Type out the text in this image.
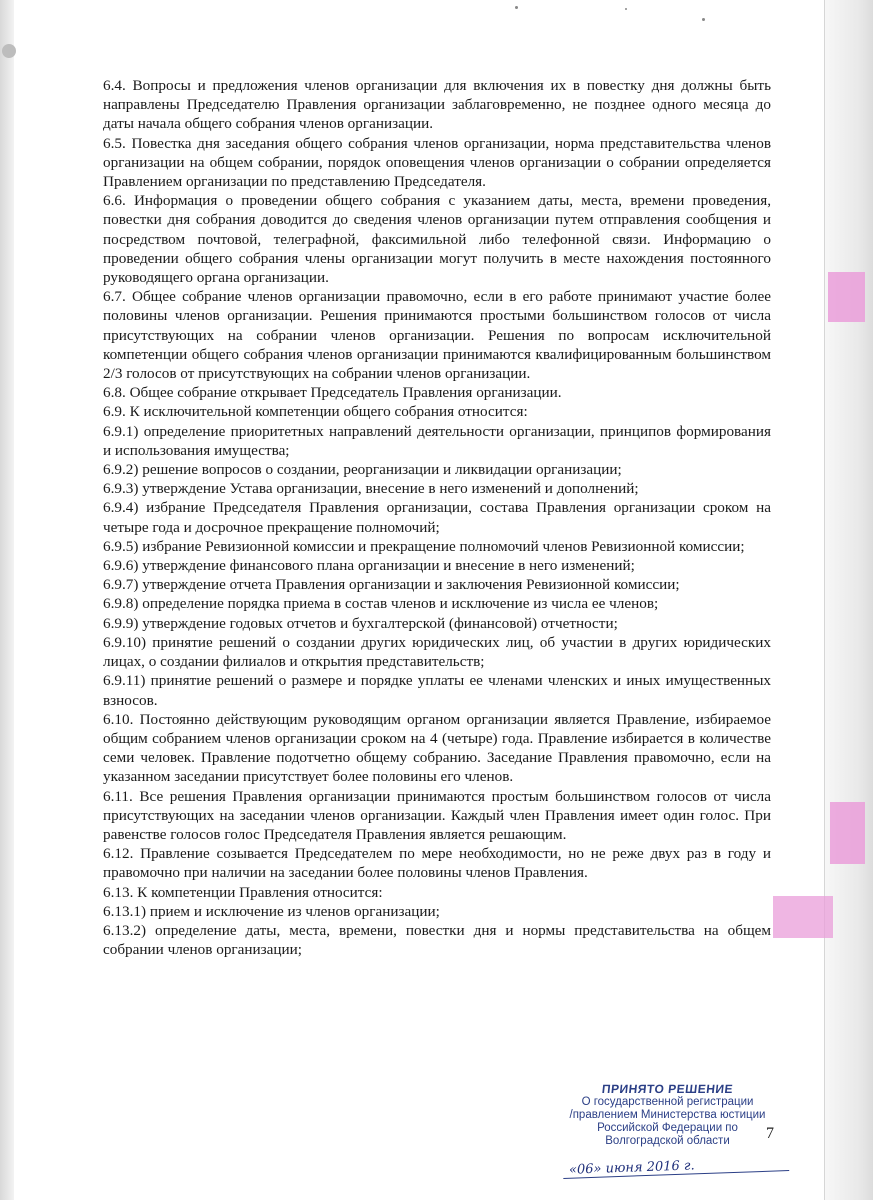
6.4. Вопросы и предложения членов организации для включения их в повестку дня должны быть направлены Председателю Правления организации заблаговременно, не позднее одного месяца до даты начала общего собрания членов организации.

6.5. Повестка дня заседания общего собрания членов организации, норма представительства членов организации на общем собрании, порядок оповещения членов организации о собрании определяется Правлением организации по представлению Председателя.

6.6. Информация о проведении общего собрания с указанием даты, места, времени проведения, повестки дня собрания доводится до сведения членов организации путем отправления сообщения и посредством почтовой, телеграфной, факсимильной либо телефонной связи. Информацию о проведении общего собрания члены организации могут получить в месте нахождения постоянного руководящего органа организации.

6.7. Общее собрание членов организации правомочно, если в его работе принимают участие более половины членов организации. Решения принимаются простыми большинством голосов от числа присутствующих на собрании членов организации. Решения по вопросам исключительной компетенции общего собрания членов организации принимаются квалифицированным большинством 2/3 голосов от присутствующих на собрании членов организации.

6.8. Общее собрание открывает Председатель Правления организации.

6.9. К исключительной компетенции общего собрания относится:

6.9.1) определение приоритетных направлений деятельности организации, принципов формирования и использования имущества;

6.9.2) решение вопросов о создании, реорганизации и ликвидации организации;

6.9.3) утверждение Устава организации, внесение в него изменений и дополнений;

6.9.4) избрание Председателя Правления организации, состава Правления организации сроком на четыре года и досрочное прекращение полномочий;

6.9.5) избрание Ревизионной комиссии и прекращение полномочий членов Ревизионной комиссии;

6.9.6) утверждение финансового плана организации и внесение в него изменений;

6.9.7) утверждение отчета Правления организации и заключения Ревизионной комиссии;

6.9.8) определение порядка приема в состав членов и исключение из числа ее членов;

6.9.9) утверждение годовых отчетов и бухгалтерской (финансовой) отчетности;

6.9.10) принятие решений о создании других юридических лиц, об участии в других юридических лицах, о создании филиалов и открытия представительств;

6.9.11) принятие решений о размере и порядке уплаты ее членами членских и иных имущественных взносов.

6.10. Постоянно действующим руководящим органом организации является Правление, избираемое общим собранием членов организации сроком на 4 (четыре) года. Правление избирается в количестве семи человек. Правление подотчетно общему собранию. Заседание Правления правомочно, если на указанном заседании присутствует более половины его членов.

6.11. Все решения Правления организации принимаются простым большинством голосов от числа присутствующих на заседании членов организации. Каждый член Правления имеет один голос. При равенстве голосов голос Председателя Правления является решающим.

6.12. Правление созывается Председателем по мере необходимости, но не реже двух раз в году и правомочно при наличии на заседании более половины членов Правления.

6.13. К компетенции Правления относится:

6.13.1) прием и исключение из членов организации;

6.13.2) определение даты, места, времени, повестки дня и нормы представительства на общем собрании членов организации;

ПРИНЯТО РЕШЕНИЕ
О государственной регистрации
/правлением Министерства юстиции
Российской Федерации по
Волгоградской области
«06» июня 2016 г.
7
